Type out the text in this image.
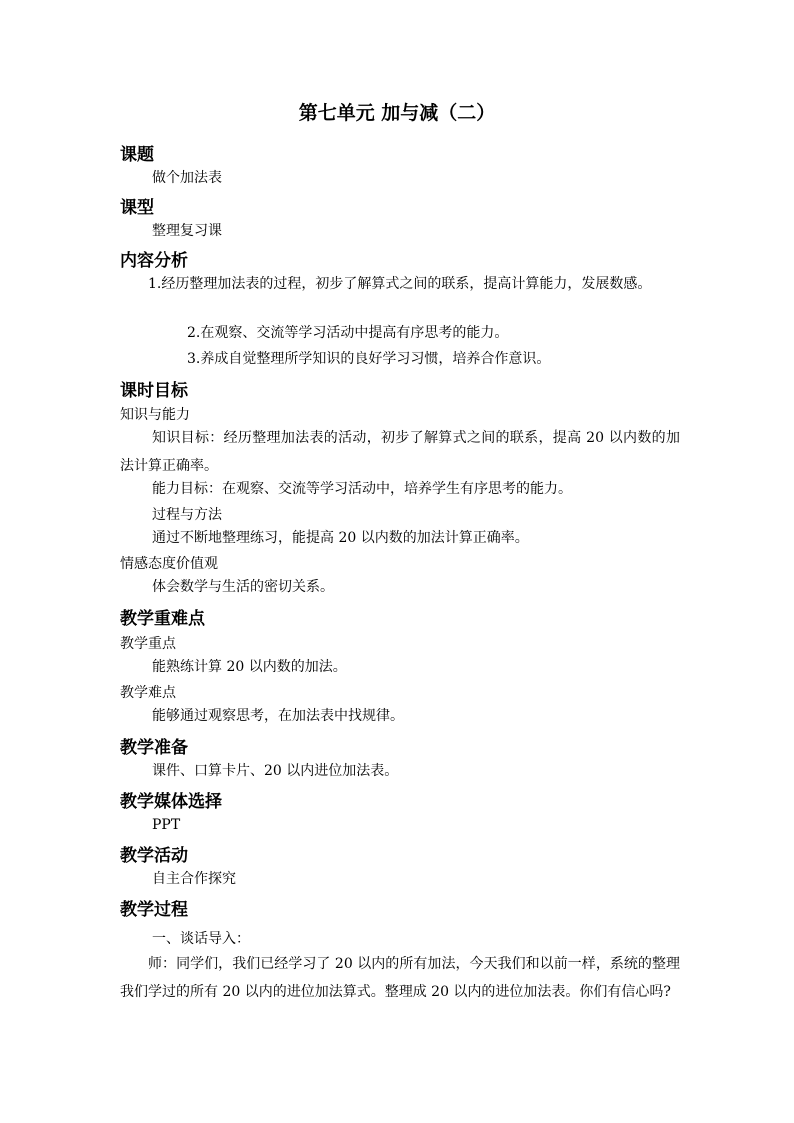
第七单元 加与减（二）
课题
做个加法表
课型
整理复习课
内容分析
1.经历整理加法表的过程，初步了解算式之间的联系，提高计算能力，发展数感。
2.在观察、交流等学习活动中提高有序思考的能力。
3.养成自觉整理所学知识的良好学习习惯，培养合作意识。
课时目标
知识与能力
知识目标：经历整理加法表的活动，初步了解算式之间的联系，提高 20 以内数的加法计算正确率。
能力目标：在观察、交流等学习活动中，培养学生有序思考的能力。
过程与方法
通过不断地整理练习，能提高 20 以内数的加法计算正确率。
情感态度价值观
体会数学与生活的密切关系。
教学重难点
教学重点
能熟练计算 20 以内数的加法。
教学难点
能够通过观察思考，在加法表中找规律。
教学准备
课件、口算卡片、20 以内进位加法表。
教学媒体选择
PPT
教学活动
自主合作探究
教学过程
一、谈话导入：
师：同学们，我们已经学习了 20 以内的所有加法，今天我们和以前一样，系统的整理我们学过的所有 20 以内的进位加法算式。整理成 20 以内的进位加法表。你们有信心吗?
